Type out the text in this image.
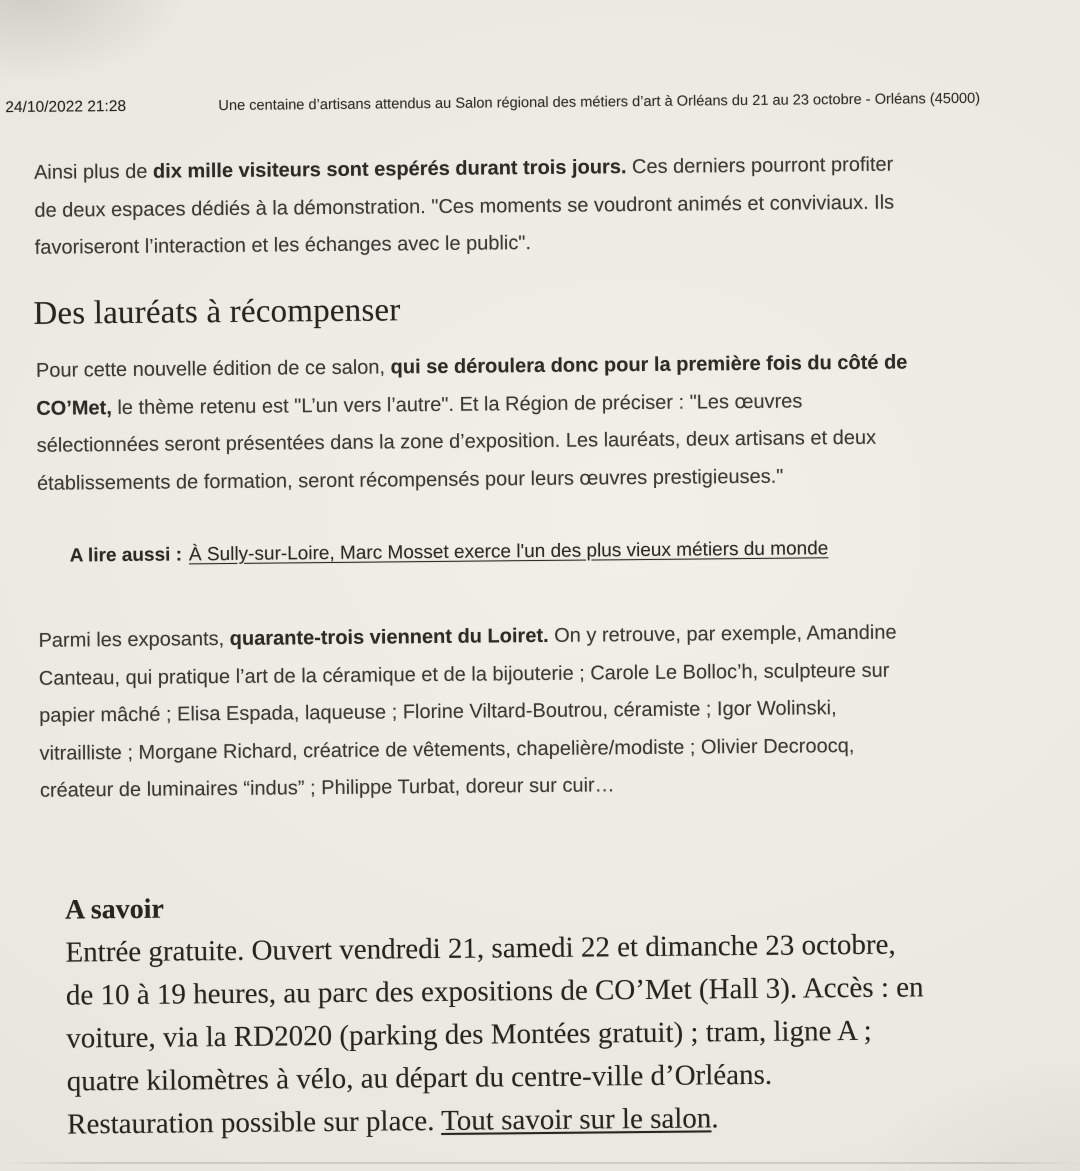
24/10/2022 21:28	Une centaine d’artisans attendus au Salon régional des métiers d’art à Orléans du 21 au 23 octobre - Orléans (45000)
Ainsi plus de dix mille visiteurs sont espérés durant trois jours. Ces derniers pourront profiter
de deux espaces dédiés à la démonstration. "Ces moments se voudront animés et conviviaux. Ils
favoriseront l’interaction et les échanges avec le public".
Des lauréats à récompenser
Pour cette nouvelle édition de ce salon, qui se déroulera donc pour la première fois du côté de
CO’Met, le thème retenu est "L’un vers l’autre". Et la Région de préciser : "Les œuvres
sélectionnées seront présentées dans la zone d’exposition. Les lauréats, deux artisans et deux
établissements de formation, seront récompensés pour leurs œuvres prestigieuses."
A lire aussi : À Sully-sur-Loire, Marc Mosset exerce l'un des plus vieux métiers du monde
Parmi les exposants, quarante-trois viennent du Loiret. On y retrouve, par exemple, Amandine
Canteau, qui pratique l’art de la céramique et de la bijouterie ; Carole Le Bolloc’h, sculpteure sur
papier mâché ; Elisa Espada, laqueuse ; Florine Viltard-Boutrou, céramiste ; Igor Wolinski,
vitrailliste ; Morgane Richard, créatrice de vêtements, chapelière/modiste ; Olivier Decroocq,
créateur de luminaires “indus” ; Philippe Turbat, doreur sur cuir…
A savoir
Entrée gratuite. Ouvert vendredi 21, samedi 22 et dimanche 23 octobre,
de 10 à 19 heures, au parc des expositions de CO’Met (Hall 3). Accès : en
voiture, via la RD2020 (parking des Montées gratuit) ; tram, ligne A ;
quatre kilomètres à vélo, au départ du centre-ville d’Orléans.
Restauration possible sur place. Tout savoir sur le salon.
